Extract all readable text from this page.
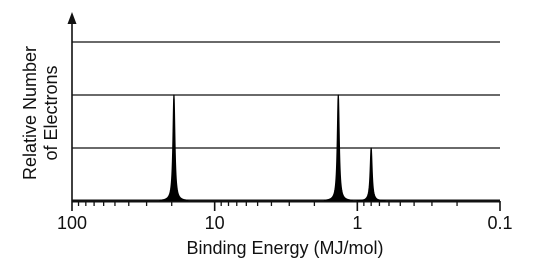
100	10	1	0.1
Relative Number of Electrons
Binding Energy (MJ/mol)
